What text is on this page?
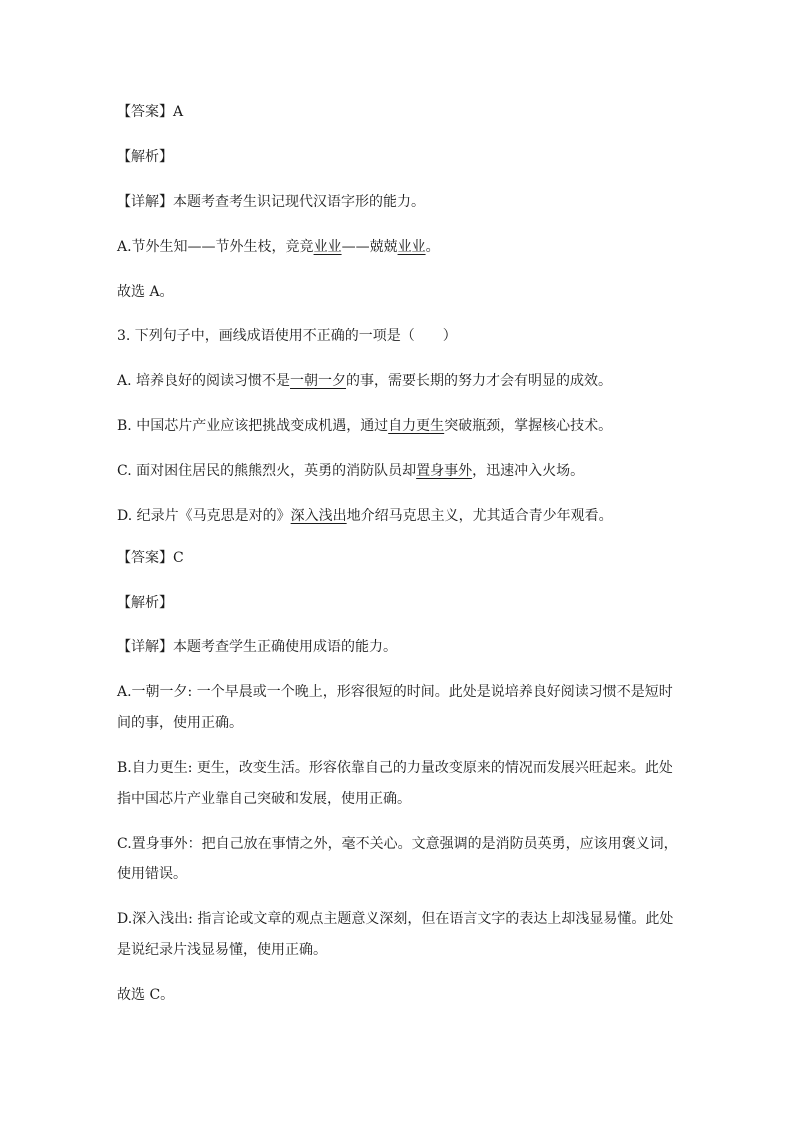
【答案】A
【解析】
【详解】本题考查考生识记现代汉语字形的能力。
A.节外生知——节外生枝，竞竞业业——兢兢业业。
故选 A。
3. 下列句子中，画线成语使用不正确的一项是（　　）
A. 培养良好的阅读习惯不是一朝一夕的事，需要长期的努力才会有明显的成效。
B. 中国芯片产业应该把挑战变成机遇，通过自力更生突破瓶颈，掌握核心技术。
C. 面对困住居民的熊熊烈火，英勇的消防队员却置身事外，迅速冲入火场。
D. 纪录片《马克思是对的》深入浅出地介绍马克思主义，尤其适合青少年观看。
【答案】C
【解析】
【详解】本题考查学生正确使用成语的能力。
A.一朝一夕: 一个早晨或一个晚上，形容很短的时间。此处是说培养良好阅读习惯不是短时
间的事，使用正确。
B.自力更生: 更生，改变生活。形容依靠自己的力量改变原来的情况而发展兴旺起来。此处
指中国芯片产业靠自己突破和发展，使用正确。
C.置身事外：把自己放在事情之外，毫不关心。文意强调的是消防员英勇，应该用褒义词，
使用错误。
D.深入浅出: 指言论或文章的观点主题意义深刻，但在语言文字的表达上却浅显易懂。此处
是说纪录片浅显易懂，使用正确。
故选 C。
